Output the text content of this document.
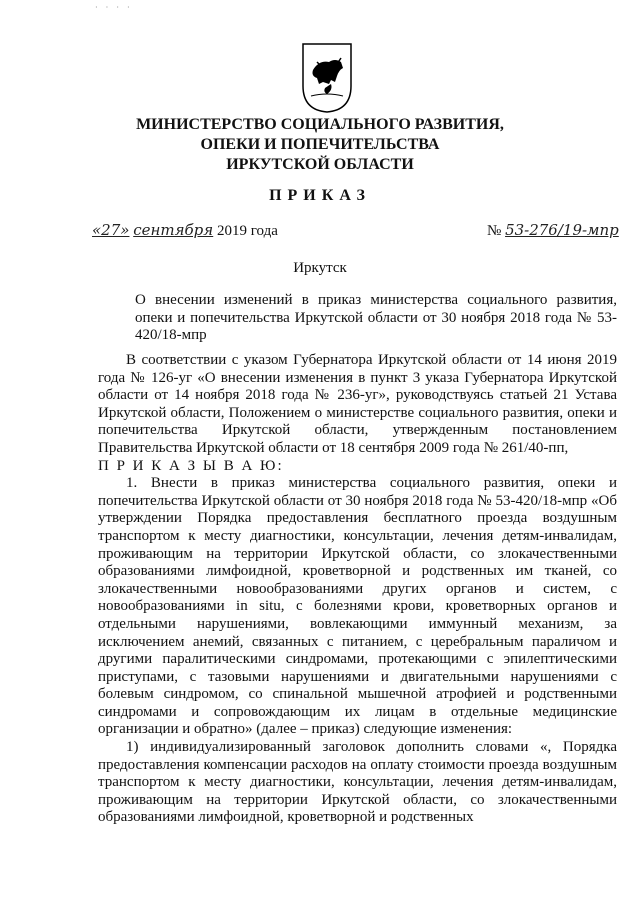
· · · ·
МИНИСТЕРСТВО СОЦИАЛЬНОГО РАЗВИТИЯ,
ОПЕКИ И ПОПЕЧИТЕЛЬСТВА
ИРКУТСКОЙ ОБЛАСТИ
ПРИКАЗ
«27» сентября 2019 года	№ 53-276/19-мпр
Иркутск
О внесении изменений в приказ министерства социального развития, опеки и попечительства Иркутской области от 30 ноября 2018 года № 53-420/18-мпр

В соответствии с указом Губернатора Иркутской области от 14 июня 2019 года № 126-уг «О внесении изменения в пункт 3 указа Губернатора Иркутской области от 14 ноября 2018 года № 236-уг», руководствуясь статьей 21 Устава Иркутской области, Положением о министерстве социального развития, опеки и попечительства Иркутской области, утвержденным постановлением Правительства Иркутской области от 18 сентября 2009 года № 261/40-пп,

П Р И К А З Ы В А Ю:

1. Внести в приказ министерства социального развития, опеки и попечительства Иркутской области от 30 ноября 2018 года № 53-420/18-мпр «Об утверждении Порядка предоставления бесплатного проезда воздушным транспортом к месту диагностики, консультации, лечения детям-инвалидам, проживающим на территории Иркутской области, со злокачественными образованиями лимфоидной, кроветворной и родственных им тканей, со злокачественными новообразованиями других органов и систем, с новообразованиями in situ, с болезнями крови, кроветворных органов и отдельными нарушениями, вовлекающими иммунный механизм, за исключением анемий, связанных с питанием, с церебральным параличом и другими паралитическими синдромами, протекающими с эпилептическими приступами, с тазовыми нарушениями и двигательными нарушениями с болевым синдромом, со спинальной мышечной атрофией и родственными синдромами и сопровождающим их лицам в отдельные медицинские организации и обратно» (далее – приказ) следующие изменения:

1) индивидуализированный заголовок дополнить словами «, Порядка предоставления компенсации расходов на оплату стоимости проезда воздушным транспортом к месту диагностики, консультации, лечения детям-инвалидам, проживающим на территории Иркутской области, со злокачественными образованиями лимфоидной, кроветворной и родственных
